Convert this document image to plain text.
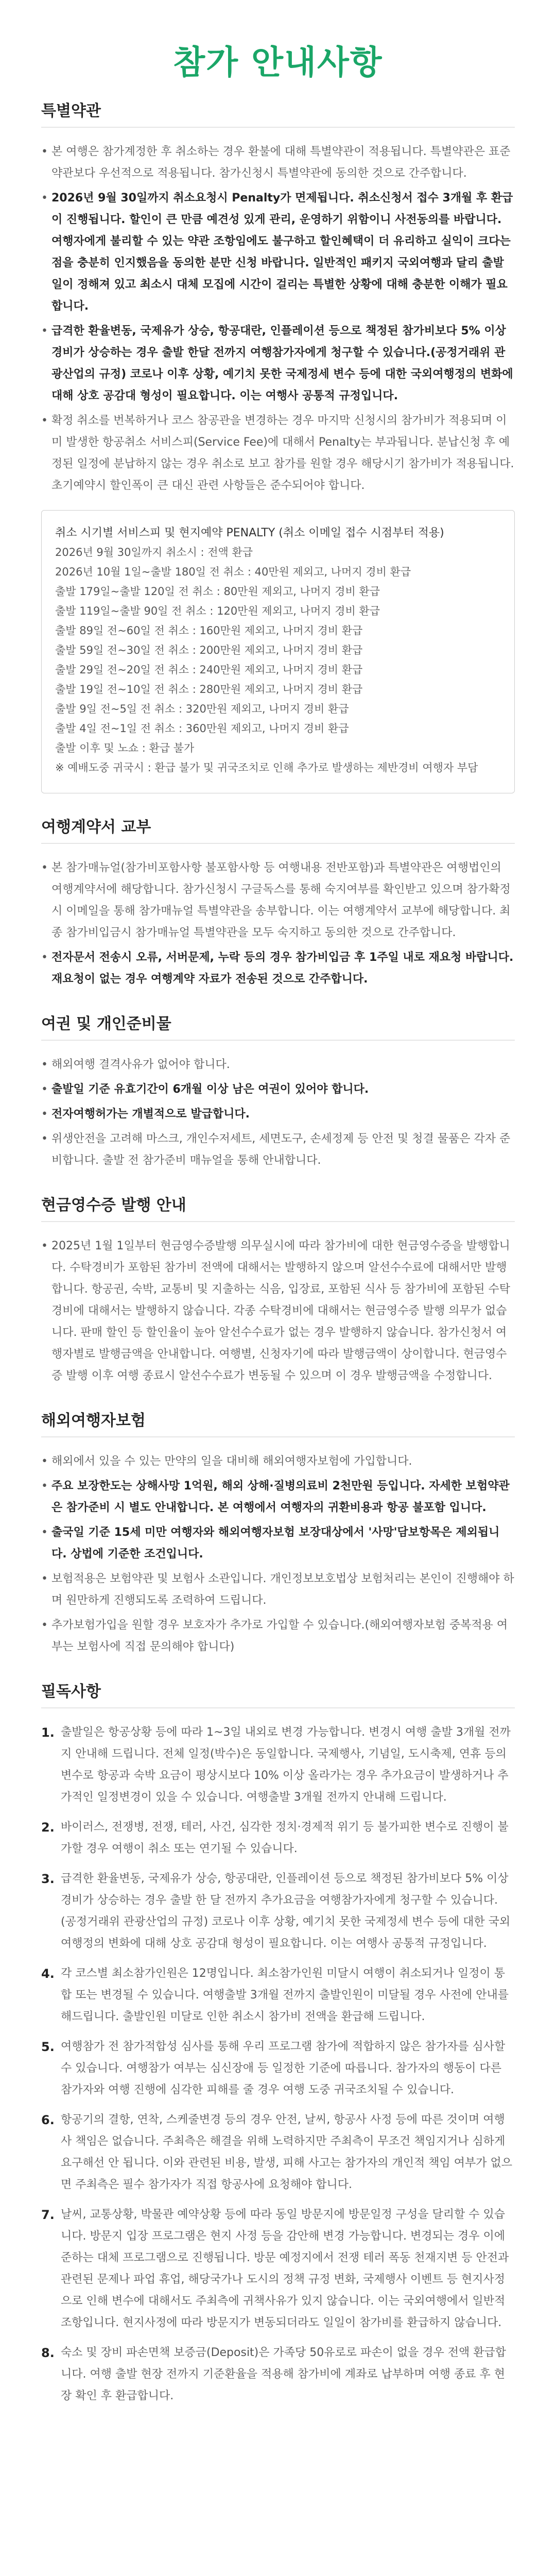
참가 안내사항
특별약관
• 본 여행은 참가계정한 후 취소하는 경우 환불에 대해 특별약관이 적용됩니다. 특별약관은 표준약관보다 우선적으로 적용됩니다. 참가신청시 특별약관에 동의한 것으로 간주합니다.
• 2026년 9월 30일까지 취소요청시 Penalty가 면제됩니다. 취소신청서 접수 3개월 후 환급이 진행됩니다. 할인이 큰 만큼 예견성 있게 관리, 운영하기 위함이니 사전동의를 바랍니다. 여행자에게 불리할 수 있는 약관 조항임에도 불구하고 할인혜택이 더 유리하고 실익이 크다는 점을 충분히 인지했음을 동의한 분만 신청 바랍니다. 일반적인 패키지 국외여행과 달리 출발일이 정해져 있고 최소시 대체 모집에 시간이 걸리는 특별한 상황에 대해 충분한 이해가 필요합니다.
• 급격한 환율변동, 국제유가 상승, 항공대란, 인플레이션 등으로 책정된 참가비보다 5% 이상 경비가 상승하는 경우 출발 한달 전까지 여행참가자에게 청구할 수 있습니다.(공정거래위 관광산업의 규정) 코로나 이후 상황, 예기치 못한 국제정세 변수 등에 대한 국외여행정의 변화에 대해 상호 공감대 형성이 필요합니다. 이는 여행사 공통적 규정입니다.
• 확정 취소를 번복하거나 코스 참공관을 변경하는 경우 마지막 신청시의 참가비가 적용되며 이미 발생한 항공취소 서비스피(Service Fee)에 대해서 Penalty는 부과됩니다. 분납신청 후 예정된 일정에 분납하지 않는 경우 취소로 보고 참가를 원할 경우 해당시기 참가비가 적용됩니다. 초기예약시 할인폭이 큰 대신 관련 사항들은 준수되어야 합니다.
취소 시기별 서비스피 및 현지예약 PENALTY (취소 이메일 접수 시점부터 적용)
2026년 9월 30일까지 취소시 : 전액 환급
2026년 10월 1일~출발 180일 전 취소 : 40만원 제외고, 나머지 경비 환급
출발 179일~출발 120일 전 취소 : 80만원 제외고, 나머지 경비 환급
출발 119일~출발 90일 전 취소 : 120만원 제외고, 나머지 경비 환급
출발 89일 전~60일 전 취소 : 160만원 제외고, 나머지 경비 환급
출발 59일 전~30일 전 취소 : 200만원 제외고, 나머지 경비 환급
출발 29일 전~20일 전 취소 : 240만원 제외고, 나머지 경비 환급
출발 19일 전~10일 전 취소 : 280만원 제외고, 나머지 경비 환급
출발 9일 전~5일 전 취소 : 320만원 제외고, 나머지 경비 환급
출발 4일 전~1일 전 취소 : 360만원 제외고, 나머지 경비 환급
출발 이후 및 노쇼 : 환급 불가
※ 예배도중 귀국시 : 환급 불가 및 귀국조치로 인해 추가로 발생하는 제반경비 여행자 부담
여행계약서 교부
• 본 참가매뉴얼(참가비포함사항 불포함사항 등 여행내용 전반포함)과 특별약관은 여행법인의 여행계약서에 해당합니다. 참가신청시 구글독스를 통해 숙지여부를 확인받고 있으며 참가확정시 이메일을 통해 참가매뉴얼 특별약관을 송부합니다. 이는 여행계약서 교부에 해당합니다. 최종 참가비입금시 참가매뉴얼 특별약관을 모두 숙지하고 동의한 것으로 간주합니다.
• 전자문서 전송시 오류, 서버문제, 누락 등의 경우 참가비입금 후 1주일 내로 재요청 바랍니다. 재요청이 없는 경우 여행계약 자료가 전송된 것으로 간주합니다.
여권 및 개인준비물
• 해외여행 결격사유가 없어야 합니다.
• 출발일 기준 유효기간이 6개월 이상 남은 여권이 있어야 합니다.
• 전자여행허가는 개별적으로 발급합니다.
• 위생안전을 고려해 마스크, 개인수저세트, 세면도구, 손세정제 등 안전 및 청결 물품은 각자 준비합니다. 출발 전 참가준비 매뉴얼을 통해 안내합니다.
현금영수증 발행 안내
• 2025년 1월 1일부터 현금영수증발행 의무실시에 따라 참가비에 대한 현금영수증을 발행합니다. 수탁경비가 포함된 참가비 전액에 대해서는 발행하지 않으며 알선수수료에 대해서만 발행합니다. 항공권, 숙박, 교통비 및 지출하는 식음, 입장료, 포함된 식사 등 참가비에 포함된 수탁경비에 대해서는 발행하지 않습니다. 각종 수탁경비에 대해서는 현금영수증 발행 의무가 없습니다. 판매 할인 등 할인율이 높아 알선수수료가 없는 경우 발행하지 않습니다. 참가신청서 여행자별로 발행금액을 안내합니다. 여행별, 신청자기에 따라 발행금액이 상이합니다. 현금영수증 발행 이후 여행 종료시 알선수수료가 변동될 수 있으며 이 경우 발행금액을 수정합니다.
해외여행자보험
• 해외에서 있을 수 있는 만약의 일을 대비해 해외여행자보험에 가입합니다.
• 주요 보장한도는 상해사망 1억원, 해외 상해·질병의료비 2천만원 등입니다. 자세한 보험약관은 참가준비 시 별도 안내합니다. 본 여행에서 여행자의 귀환비용과 항공 불포함 입니다.
• 출국일 기준 15세 미만 여행자와 해외여행자보험 보장대상에서 '사망'담보항목은 제외됩니다. 상법에 기준한 조건입니다.
• 보험적용은 보험약관 및 보험사 소관입니다. 개인정보보호법상 보험처리는 본인이 진행해야 하며 원만하게 진행되도록 조력하여 드립니다.
• 추가보험가입을 원할 경우 보호자가 추가로 가입할 수 있습니다.(해외여행자보험 중복적용 여부는 보험사에 직접 문의해야 합니다)
필독사항
1. 출발일은 항공상황 등에 따라 1~3일 내외로 변경 가능합니다. 변경시 여행 출발 3개월 전까지 안내해 드립니다. 전체 일정(박수)은 동일합니다. 국제행사, 기념일, 도시축제, 연휴 등의 변수로 항공과 숙박 요금이 평상시보다 10% 이상 올라가는 경우 추가요금이 발생하거나 추가적인 일정변경이 있을 수 있습니다. 여행출발 3개월 전까지 안내해 드립니다.
2. 바이러스, 전쟁병, 전쟁, 테러, 사건, 심각한 정치·경제적 위기 등 불가피한 변수로 진행이 불가할 경우 여행이 취소 또는 연기될 수 있습니다.
3. 급격한 환율변동, 국제유가 상승, 항공대란, 인플레이션 등으로 책정된 참가비보다 5% 이상 경비가 상승하는 경우 출발 한 달 전까지 추가요금을 여행참가자에게 청구할 수 있습니다. (공정거래위 관광산업의 규정) 코로나 이후 상황, 예기치 못한 국제정세 변수 등에 대한 국외여행정의 변화에 대해 상호 공감대 형성이 필요합니다. 이는 여행사 공통적 규정입니다.
4. 각 코스별 최소참가인원은 12명입니다. 최소참가인원 미달시 여행이 취소되거나 일정이 통합 또는 변경될 수 있습니다. 여행출발 3개월 전까지 출발인원이 미달될 경우 사전에 안내를 해드립니다. 출발인원 미달로 인한 취소시 참가비 전액을 환급해 드립니다.
5. 여행참가 전 참가적합성 심사를 통해 우리 프로그램 참가에 적합하지 않은 참가자를 심사할 수 있습니다. 여행참가 여부는 심신장애 등 일정한 기준에 따릅니다. 참가자의 행동이 다른 참가자와 여행 진행에 심각한 피해를 줄 경우 여행 도중 귀국조치될 수 있습니다.
6. 항공기의 결항, 연착, 스케줄변경 등의 경우 안전, 날씨, 항공사 사정 등에 따른 것이며 여행사 책임은 없습니다. 주최측은 해결을 위해 노력하지만 주최측이 무조건 책임지거나 심하게 요구해선 안 됩니다. 이와 관련된 비용, 발생, 피해 사고는 참가자의 개인적 책임 여부가 없으면 주최측은 필수 참가자가 직접 항공사에 요청해야 합니다.
7. 날씨, 교통상황, 박물관 예약상황 등에 따라 동일 방문지에 방문일정 구성을 달리할 수 있습니다. 방문지 입장 프로그램은 현지 사정 등을 감안해 변경 가능합니다. 변경되는 경우 이에 준하는 대체 프로그램으로 진행됩니다. 방문 예정지에서 전쟁 테러 폭동 천재지변 등 안전과 관련된 문제나 파업 휴업, 해당국가나 도시의 정책 규정 변화, 국제행사 이벤트 등 현지사정으로 인해 변수에 대해서도 주최측에 귀책사유가 있지 않습니다. 이는 국외여행에서 일반적 조항입니다. 현지사정에 따라 방문지가 변동되더라도 일일이 참가비를 환급하지 않습니다.
8. 숙소 및 장비 파손면책 보증금(Deposit)은 가족당 50유로로 파손이 없을 경우 전액 환급합니다. 여행 출발 현장 전까지 기준환율을 적용해 참가비에 계좌로 납부하며 여행 종료 후 현장 확인 후 환급합니다.
